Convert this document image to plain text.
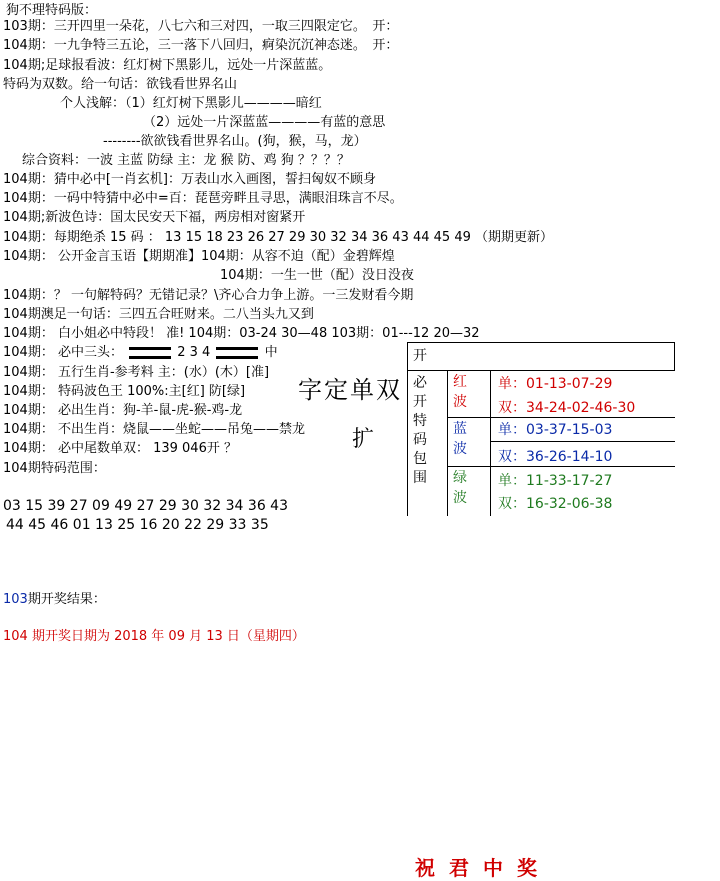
狗不理特码版：
103期：三开四里一朵花，八七六和三对四，一取三四限定它。　开：
104期：一九争特三五论，三一落下八回归，痾染沉沉神态迷。　开：
104期;足球报看波：红灯树下黑影儿，远处一片深蓝蓝。
特码为双数。给一句话：欲钱看世界名山
个人浅解：（1）红灯树下黑影儿————暗红
（2）远处一片深蓝蓝————有蓝的意思
--------欲欲钱看世界名山。(狗，猴，马，龙）
综合资料：一波 主蓝 防绿 主：龙 猴 防、鸡 狗 ？？？？
104期：猜中必中[一肖玄机]：万表山水入画图，誓扫匈奴不顾身
104期：一码中特猜中必中=百：琵琶旁畔且寻思，满眼泪珠言不尽。
104期;新波色诗：国太民安天下福，两房相对窗紧开
104期：每期绝杀 15 码 ： 13 15 18 23 26 27 29 30 32 34 36 43 44 45 49 （期期更新）
104期： 公开金言玉语【期期准】104期：从容不迫（配）金碧辉煌
104期：一生一世（配）没日没夜
104期：？ 一句解特码？无错记录？\齐心合力争上游。一三发财看今期
104期澳足一句话：三四五合旺财来。二八当头九又到
104期： 白小姐必中特段！ 准! 104期：03-24 30—48 103期：01---12 20—32
104期： 必中三头：	2 3 4	中
104期： 五行生肖-参考料 主：(水）(木）[准]
104期： 特码波色王 100%:主[红] 防[绿]
104期： 必出生肖：狗-羊-鼠-虎-猴-鸡-龙
104期： 不出生肖：烧鼠——坐蛇——吊兔——禁龙
104期： 必中尾数单双： 139 046开 ？
104期特码范围：
字定单双
扩
03 15 39 27 09 49 27 29 30 32 34 36 43
44 45 46 01 13 25 16 20 22 29 33 35
开
必
开
特
码
包
围
红
波
单：01-13-07-29
双：34-24-02-46-30
蓝
波
单：03-37-15-03
双：36-26-14-10
绿
波
单：11-33-17-27
双：16-32-06-38
103期开奖结果：
104 期开奖日期为 2018 年 09 月 13 日（星期四）
祝君中奖
